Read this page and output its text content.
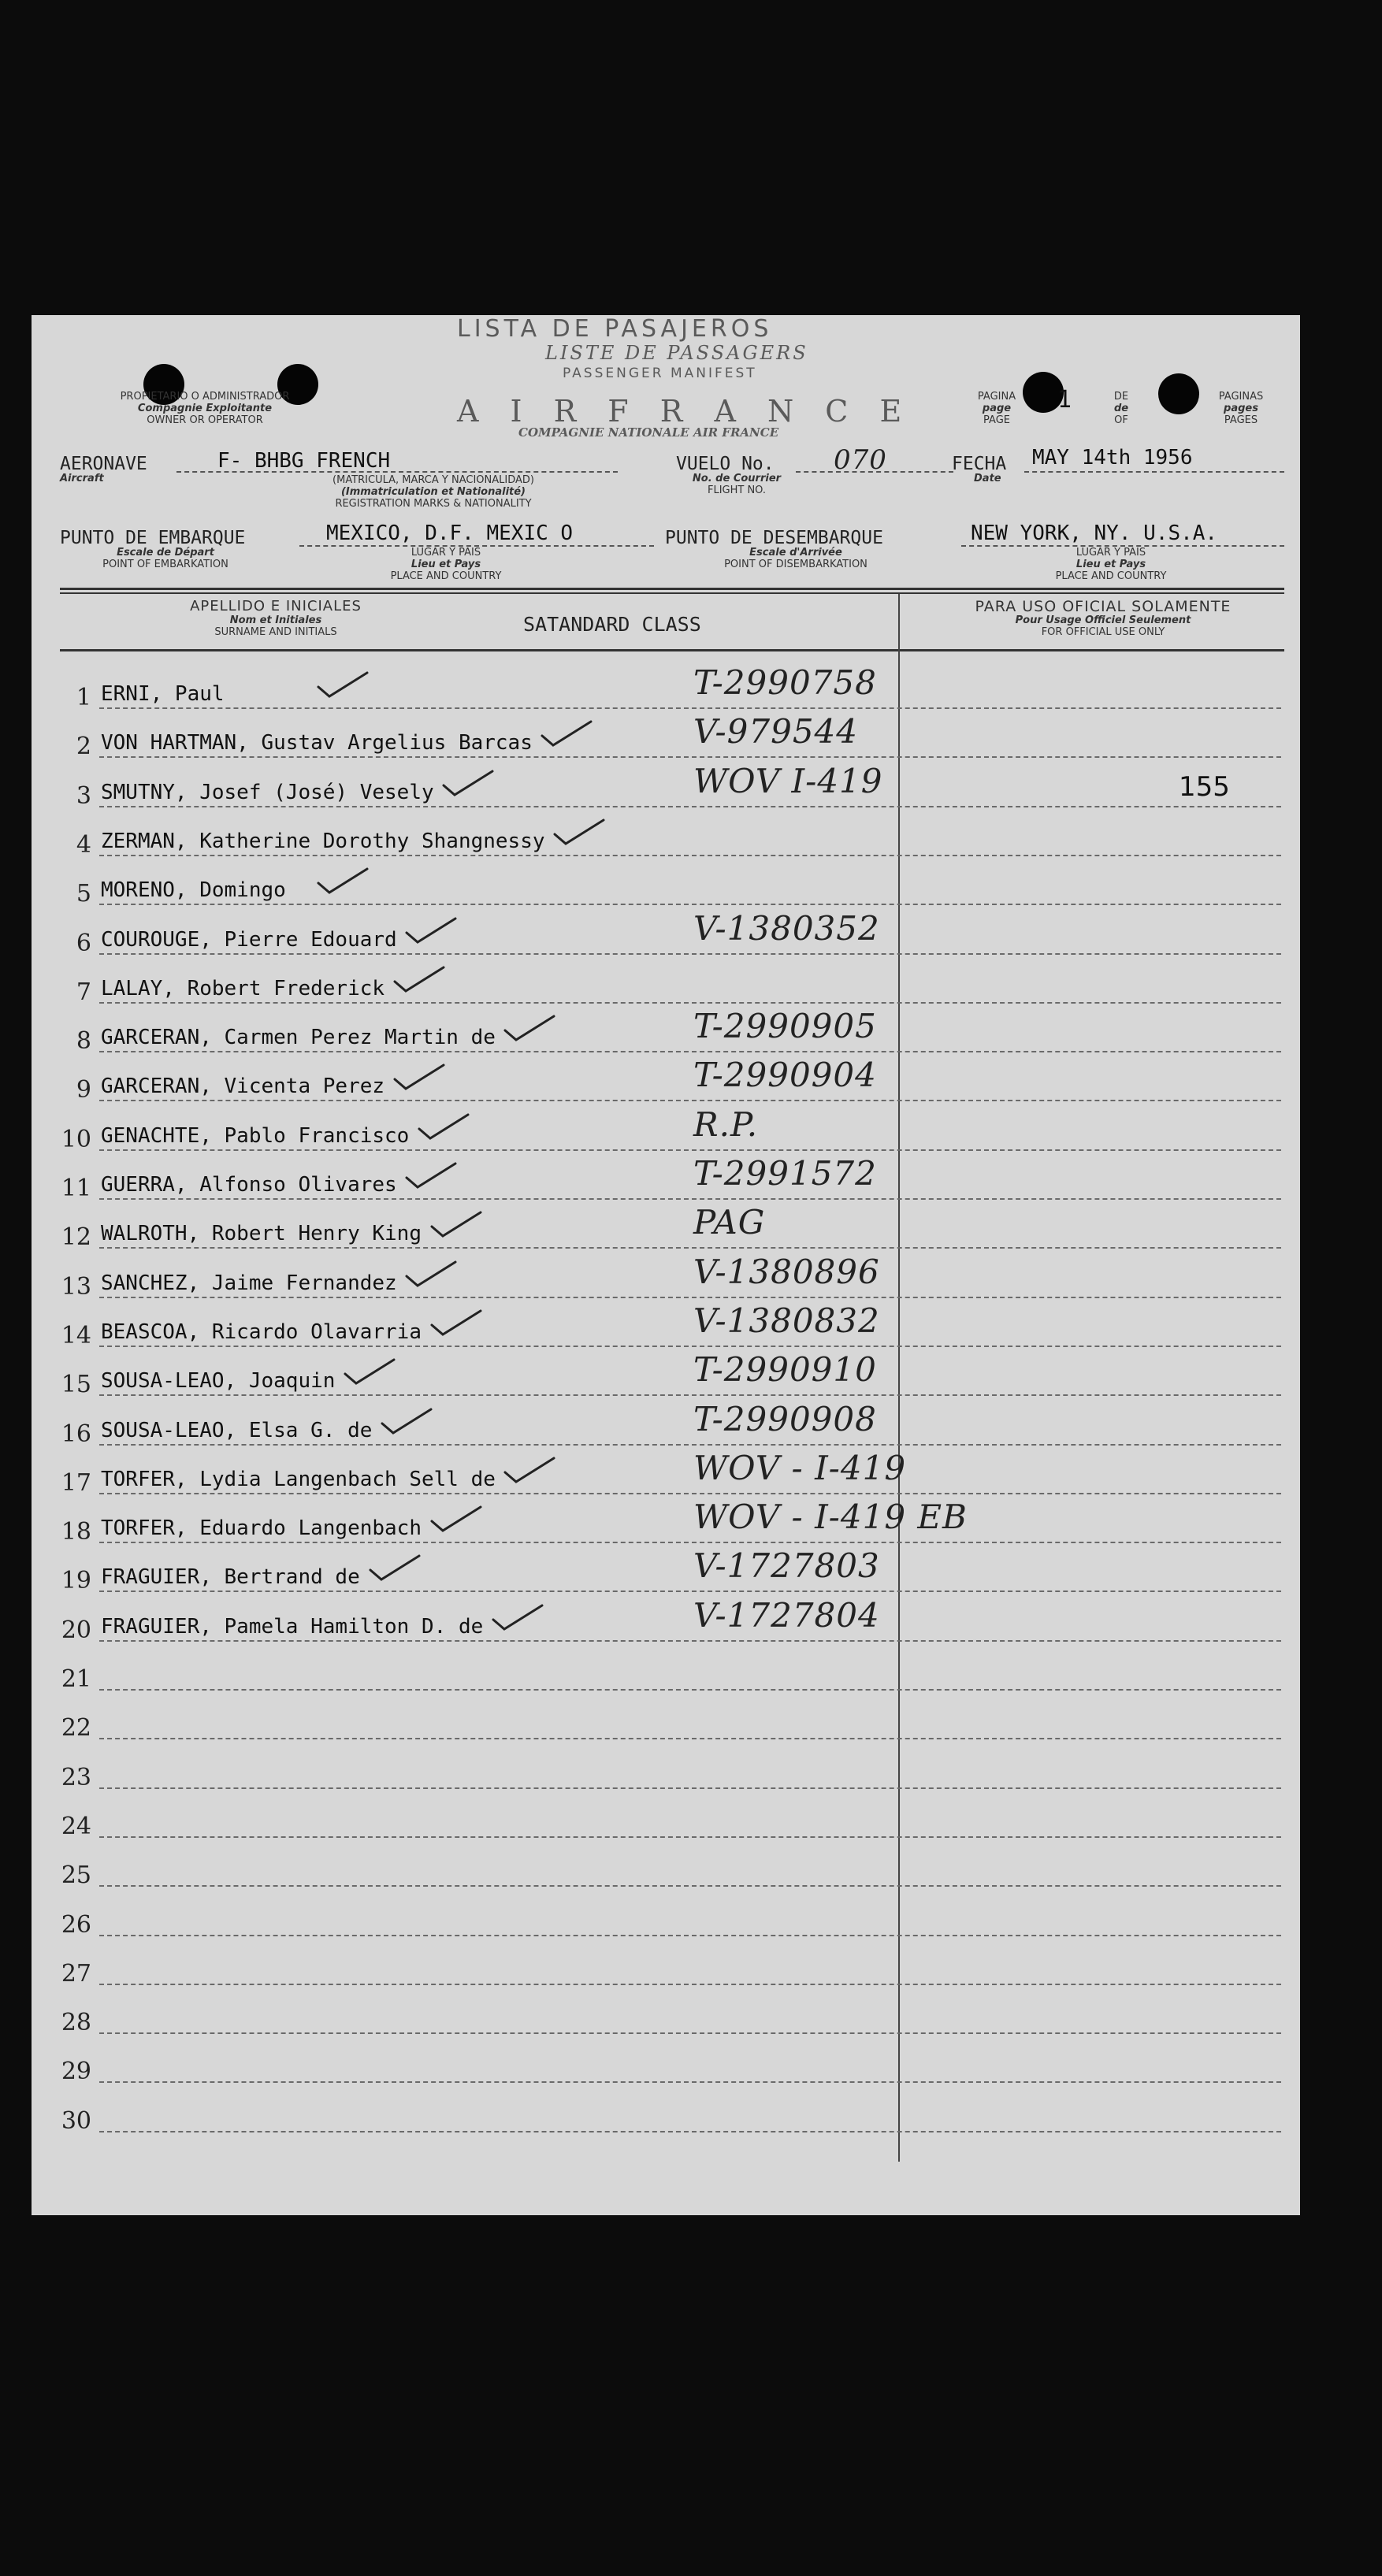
LISTA DE PASAJEROS
LISTE DE PASSAGERS
PASSENGER MANIFEST
PROPIETARIO O ADMINISTRADOR
Compagnie Exploitante
OWNER OR OPERATOR	A I R F R A N C E
COMPAGNIE NATIONALE AIR FRANCE
PAGINA
page
PAGE
1	DE
de
OF
PAGINAS
pages
PAGES
AERONAVE
Aircraft
F- BHBG FRENCH
(MATRICULA, MARCA Y NACIONALIDAD)
(Immatriculation et Nationalité)
REGISTRATION MARKS & NATIONALITY
VUELO No.
No. de Courrier
FLIGHT NO.
070	FECHA
Date
MAY 14th 1956
PUNTO DE EMBARQUE
Escale de Départ
POINT OF EMBARKATION
MEXICO, D.F. MEXIC O
LUGAR Y PAIS
Lieu et Pays
PLACE AND COUNTRY
PUNTO DE DESEMBARQUE
Escale d'Arrivée
POINT OF DISEMBARKATION
NEW YORK, NY. U.S.A.
LUGAR Y PAIS
Lieu et Pays
PLACE AND COUNTRY
APELLIDO E INICIALES
Nom et Initiales
SURNAME AND INITIALS	SATANDARD CLASS
PARA USO OFICIAL SOLAMENTE
Pour Usage Officiel Seulement
FOR OFFICIAL USE ONLY
1 ERNI, Paul	T-2990758
2 VON HARTMAN, Gustav Argelius Barcas	V-979544
3 SMUTNY, Josef (José) Vesely	WOV I-419	155
4 ZERMAN, Katherine Dorothy Shangnessy
5 MORENO, Domingo
6 COUROUGE, Pierre Edouard	V-1380352
7 LALAY, Robert Frederick
8 GARCERAN, Carmen Perez Martin de	T-2990905
9 GARCERAN, Vicenta Perez	T-2990904
10 GENACHTE, Pablo Francisco	R.P.
11 GUERRA, Alfonso Olivares	T-2991572
12 WALROTH, Robert Henry King	PAG
13 SANCHEZ, Jaime Fernandez	V-1380896
14 BEASCOA, Ricardo Olavarria	V-1380832
15 SOUSA-LEAO, Joaquin	T-2990910
16 SOUSA-LEAO, Elsa G. de	T-2990908
17 TORFER, Lydia Langenbach Sell de	WOV - I-419
18 TORFER, Eduardo Langenbach	WOV - I-419 EB
19 FRAGUIER, Bertrand de	V-1727803
20 FRAGUIER, Pamela Hamilton D. de	V-1727804
21
22
23
24
25
26
27
28
29
30
